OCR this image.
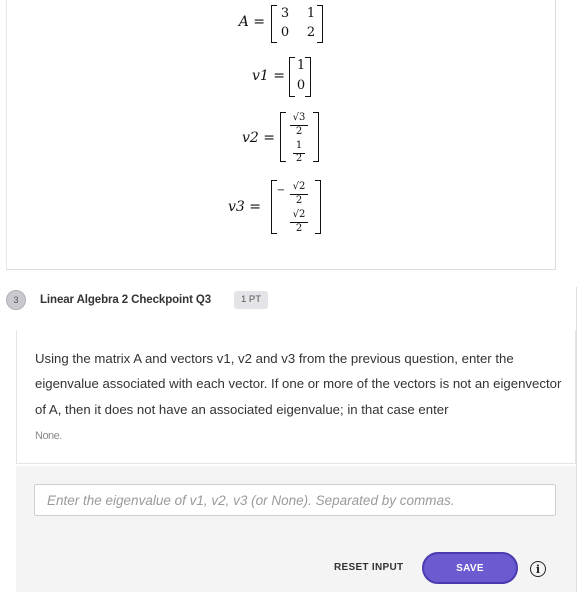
A =
3	1
0	2
v1 =
1
0
v2 =
√3
2
1
2
v3 =
− √2
2
√2
2
3	Linear Algebra 2 Checkpoint Q3	1 PT
Using the matrix A and vectors v1, v2 and v3 from the previous question, enter the eigenvalue associated with each vector. If one or more of the vectors is not an eigenvector of A, then it does not have an associated eigenvalue; in that case enter
None.
Enter the eigenvalue of v1, v2, v3 (or None). Separated by commas.
RESET INPUT	SAVE	i
